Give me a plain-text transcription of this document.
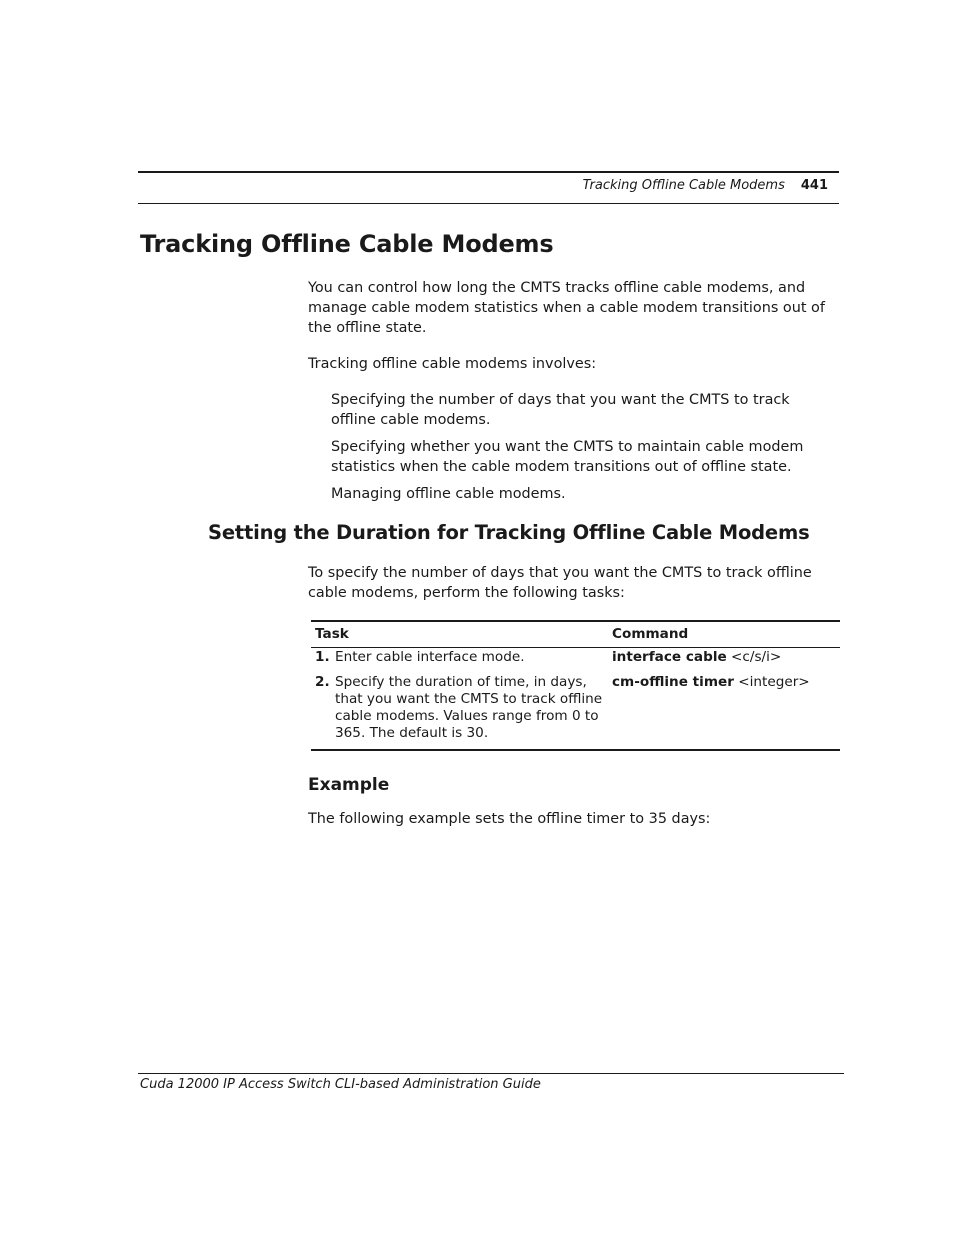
Tracking Offline Cable Modems 441
Tracking Offline Cable Modems

You can control how long the CMTS tracks offline cable modems, and manage cable modem statistics when a cable modem transitions out of the offline state.

Tracking offline cable modems involves:

Specifying the number of days that you want the CMTS to track offline cable modems.

Specifying whether you want the CMTS to maintain cable modem statistics when the cable modem transitions out of offline state.

Managing offline cable modems.

Setting the Duration for Tracking Offline Cable Modems

To specify the number of days that you want the CMTS to track offline cable modems, perform the following tasks:

Task	Command

1. Enter cable interface mode.	interface cable <c/s/i>

2. Specify the duration of time, in days, that you want the CMTS to track offline cable modems. Values range from 0 to 365. The default is 30.	cm-offline timer <integer>
Example

The following example sets the offline timer to 35 days:

Cuda 12000 IP Access Switch CLI-based Administration Guide
